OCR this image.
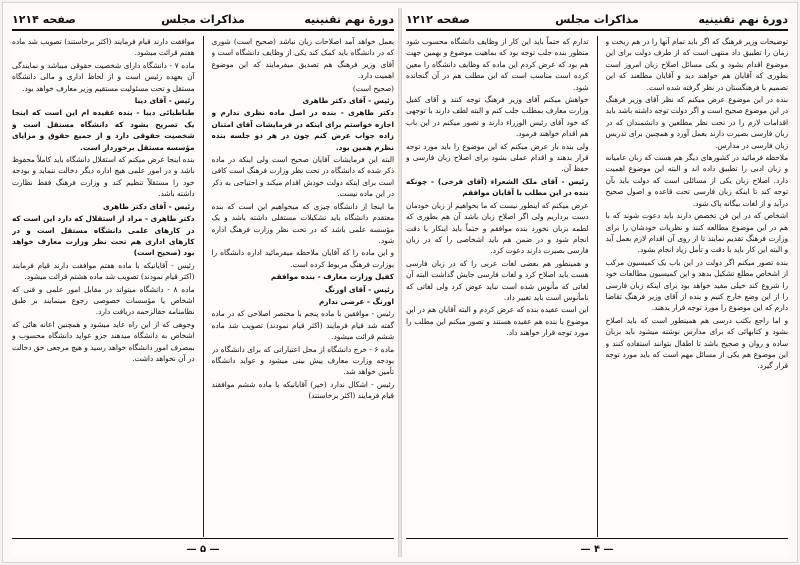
دورهٔ نهم تقنینیه
مذاکرات مجلس
صفحه ۱۲۱۴

بعمل خواهد آمد اصلاحات زبان نباشد (صحیح است) شوری که در دانشگاه باید کمک کند یکی از وظایف دانشگاه است و آقای وزیر فرهنگ هم تصدیق میفرمایند که این موضوع اهمیت دارد.

(صحیح است)

رئیس - آقای دکتر طاهری

دکتر طاهری - بنده در اصل ماده نظری ندارم و اجازه خواستم برای اینکه در فرمایشات آقای امتنان زاده جواب عرض کنم چون در هر دو جلسه بنده نظرم همین بود.

البته این فرمایشات آقایان صحیح است ولی اینکه در ماده ذکر شده که دانشگاه در تحت نظر وزارت فرهنگ است کافی است برای اینکه دولت خودش اقدام میکند و احتیاجی به ذکر در این ماده نیست.

ما اینجا از دانشگاه چیزی که میخواهیم این است که بنده معتقدم دانشگاه باید تشکیلات مستقلی داشته باشد و یک مؤسسه علمی باشد که در تحت نظر وزارت فرهنگ اداره شود.

و این ماده را که آقایان ملاحظه میفرمائید اداره دانشگاه را بوزارت فرهنگ مربوط کرده است.

کفیل وزارت معارف - بنده موافقم

رئیس - آقای اورنگ

اورنگ - عرضی ندارم

رئیس - موافقین با ماده پنجم با مختصر اصلاحی که در ماده گفته شد قیام فرمایند (اکثر قیام نمودند) تصویب شد ماده ششم قرائت میشود.

ماده ۶ - خرج دانشگاه از محل اعتباراتی که برای دانشگاه در بودجه وزارت معارف پیش بینی میشود و عواید دانشگاه تأمین خواهد شد.

رئیس - اشکال ندارد (خیر) آقایانیکه با ماده ششم موافقند قیام فرمایند (اکثر برخاستند)

موافقت دارند قیام فرمایند (اکثر برخاستند) تصویب شد ماده هفتم قرائت میشود.

ماده ۷ - دانشگاه دارای شخصیت حقوقی میباشد و نمایندگی آن بعهده رئیس است و از لحاظ اداری و مالی دانشگاه مستقل و تحت مسئولیت مستقیم وزیر معارف خواهد بود.

رئیس - آقای دیبا

طباطبائی دیبا - بنده عقیده ام این است که اینجا یک تصریح بشود که دانشگاه مستقل است و شخصیت حقوقی دارد و از جمیع حقوق و مزایای مؤسسه مستقل برخوردار است.

بنده اینجا عرض میکنم که استقلال دانشگاه باید کاملاً محفوظ باشد و در امور علمی هیچ اداره دیگر دخالت ننماید و بودجه خود را مستقلاً تنظیم کند و وزارت فرهنگ فقط نظارت داشته باشد.

رئیس - آقای دکتر طاهری

دکتر طاهری - مراد از استقلال که دارد این است که در کارهای علمی دانشگاه مستقل است و در کارهای اداری هم تحت نظر وزارت معارف خواهد بود (صحیح است)

رئیس - آقایانیکه با ماده هفتم موافقت دارند قیام فرمایند (اکثر قیام نمودند) تصویب شد ماده هشتم قرائت میشود.

ماده ۸ - دانشگاه میتواند در مقابل امور علمی و فنی که اشخاص یا مؤسسات خصوصی رجوع مینمایند بر طبق نظامنامه حقالزحمه دریافت دارد.

وجوهی که از این راه عاید میشود و همچنین اعانه هائی که اشخاص به دانشگاه میدهند جزو عواید دانشگاه محسوب و بمصرف امور دانشگاه خواهد رسید و هیچ مرجعی حق دخالت در آن نخواهد داشت.

— ۵ —
دورهٔ نهم تقنینیه
مذاکرات مجلس
صفحه ۱۲۱۲

توضیحات وزیر فرهنگ که اگر باید تمام آنها را در هم ریخت و زمان را تطبیق داد منتهی است که از طرف دولت برای این موضوع اقدام بشود و یکی مسائل اصلاح زبان امروز است بطوری که آقایان هم خواهند دید و آقایان مطلعند که این تصمیم با فرهنگستان در نظر گرفته شده است.

بنده در این موضوع عرض میکنم که نظر آقای وزیر فرهنگ در این موضوع صحیح است و اگر دولت توجه داشته باشد باید اقدامات لازم را در تحت نظر مطلعین و دانشمندان که در زبان فارسی بصیرت دارند بعمل آورد و همچنین برای تدریس زبان فارسی در مدارس.

ملاحظه فرمائید در کشورهای دیگر هم هست که زبان عامیانه و زبان ادبی را تطبیق داده اند و البته این موضوع اهمیت دارد. اصلاح زبان یکی از مسائلی است که دولت باید بآن توجه کند تا اینکه زبان فارسی تحت قاعده و اصول صحیح درآید و از لغات بیگانه پاک شود.

اشخاص که در این فن تخصص دارند باید دعوت شوند که با هم در این موضوع مطالعه کنند و نظریات خودشان را برای وزارت فرهنگ تقدیم نمایند تا از روی آن اقدام لازم بعمل آید و البته این کار باید با دقت و تأمل زیاد انجام بشود.

بنده تصور میکنم اگر دولت در این باب یک کمیسیون مرکب از اشخاص مطلع تشکیل بدهد و این کمیسیون مطالعات خود را شروع کند خیلی مفید خواهد بود برای اینکه زبان فارسی را از این وضع خارج کنیم و بنده از آقای وزیر فرهنگ تقاضا دارم که این موضوع را مورد توجه قرار بدهند.

و اما راجع بکتب درسی هم همینطور است که باید اصلاح بشود و کتابهائی که برای مدارس نوشته میشود باید بزبان ساده و روان و صحیح باشد تا اطفال بتوانند استفاده کنند و این موضوع هم یکی از مسائل مهم است که باید مورد توجه قرار گیرد.

تدارم که حتماً باید این کار از وظایف دانشگاه محسوب شود منظور بنده جلب توجه بود که بماهیت موضوع و بهمین جهت هم بود که عرض کردم این ماده که وظایف دانشگاه را معین کرده است مناسب است که این مطلب هم در آن گنجانده شود.

خواهش میکنم آقای وزیر فرهنگ توجه کنند و آقای کفیل وزارت معارف بمطلب جلب کنم و البته لطف دارند با توجهی که خود آقای رئیس الوزراء دارند و تصور میکنم در این باب هم اقدام خواهند فرمود.

ولی بنده باز عرض میکنم که این موضوع را باید مورد توجه قرار بدهند و اقدام عملی بشود برای اصلاح زبان فارسی و حفظ آن.

رئیس - آقای ملک الشعراء (آقای فرخی) - چونکه بنده در این مطلب با آقایان موافقم

عرض میکنم که اینطور نیست که ما بخواهیم از زبان خودمان دست برداریم ولی اگر اصلاح زبان باشد آن هم بطوری که لطمه بزبان نخورد بنده موافقم و حتماً باید اینکار با دقت انجام شود و در ضمن هم باید اشخاصی را که در زبان فارسی بصیرت دارند دعوت کرد.

و همینطور هم بعضی لغات عربی را که در زبان فارسی هست باید اصلاح کرد و لغات فارسی جایش گذاشت البته آن لغاتی که مأنوس شده است نباید عوض کرد ولی لغاتی که نامأنوس است باید تغییر داد.

این است عقیده بنده که عرض کردم و البته آقایان هم در این موضوع با بنده هم عقیده هستند و تصور میکنم این مطلب را مورد توجه قرار خواهند داد.

— ۴ —
